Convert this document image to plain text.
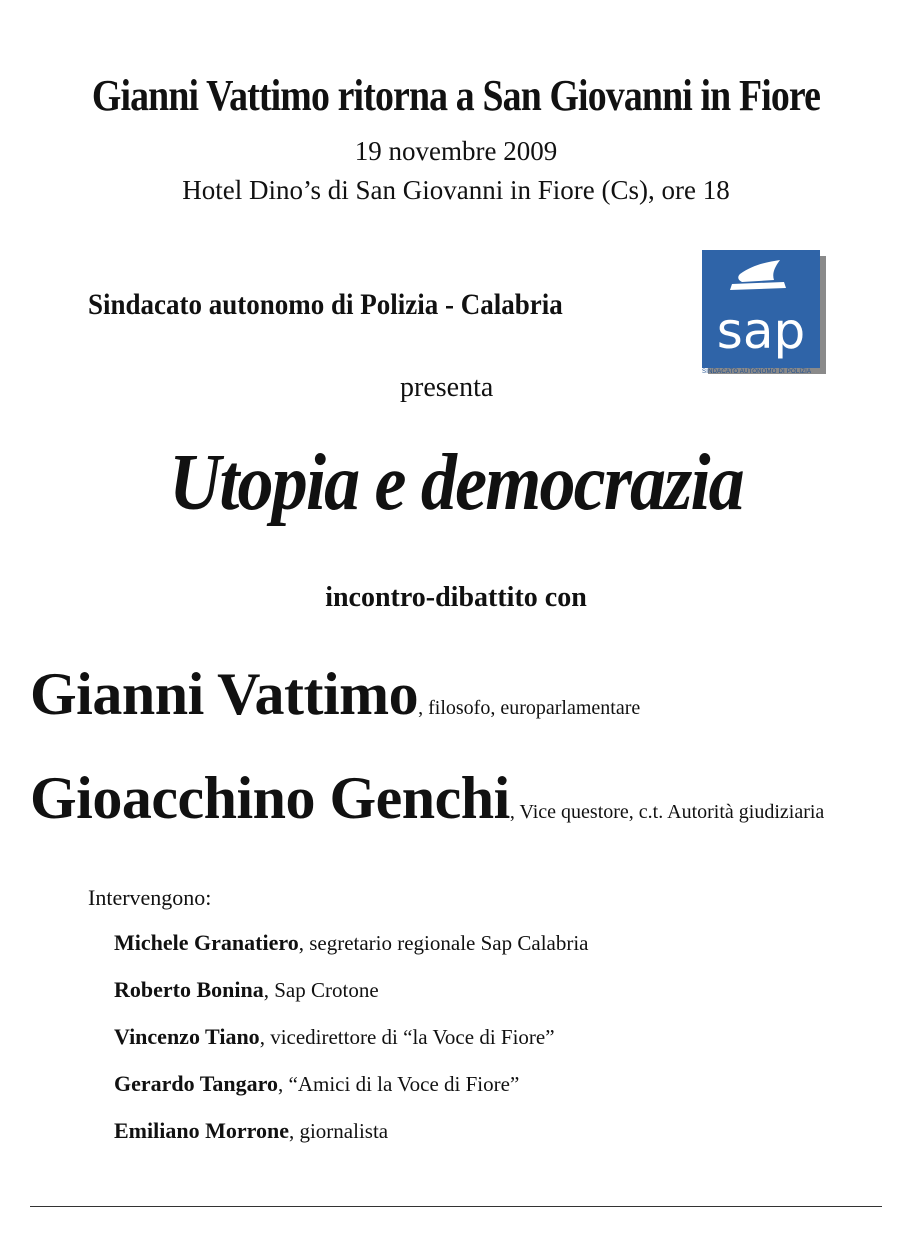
Gianni Vattimo ritorna a San Giovanni in Fiore
19 novembre 2009
Hotel Dino’s di San Giovanni in Fiore (Cs), ore 18
Sindacato autonomo di Polizia - Calabria	sap
SINDACATO AUTONOMO DI POLIZIA
presenta
Utopia e democrazia
incontro-dibattito con
Gianni Vattimo, filosofo, europarlamentare
Gioacchino Genchi, Vice questore, c.t. Autorità giudiziaria
Intervengono:
Michele Granatiero, segretario regionale Sap Calabria
Roberto Bonina, Sap Crotone
Vincenzo Tiano, vicedirettore di “la Voce di Fiore”
Gerardo Tangaro, “Amici di la Voce di Fiore”
Emiliano Morrone, giornalista
